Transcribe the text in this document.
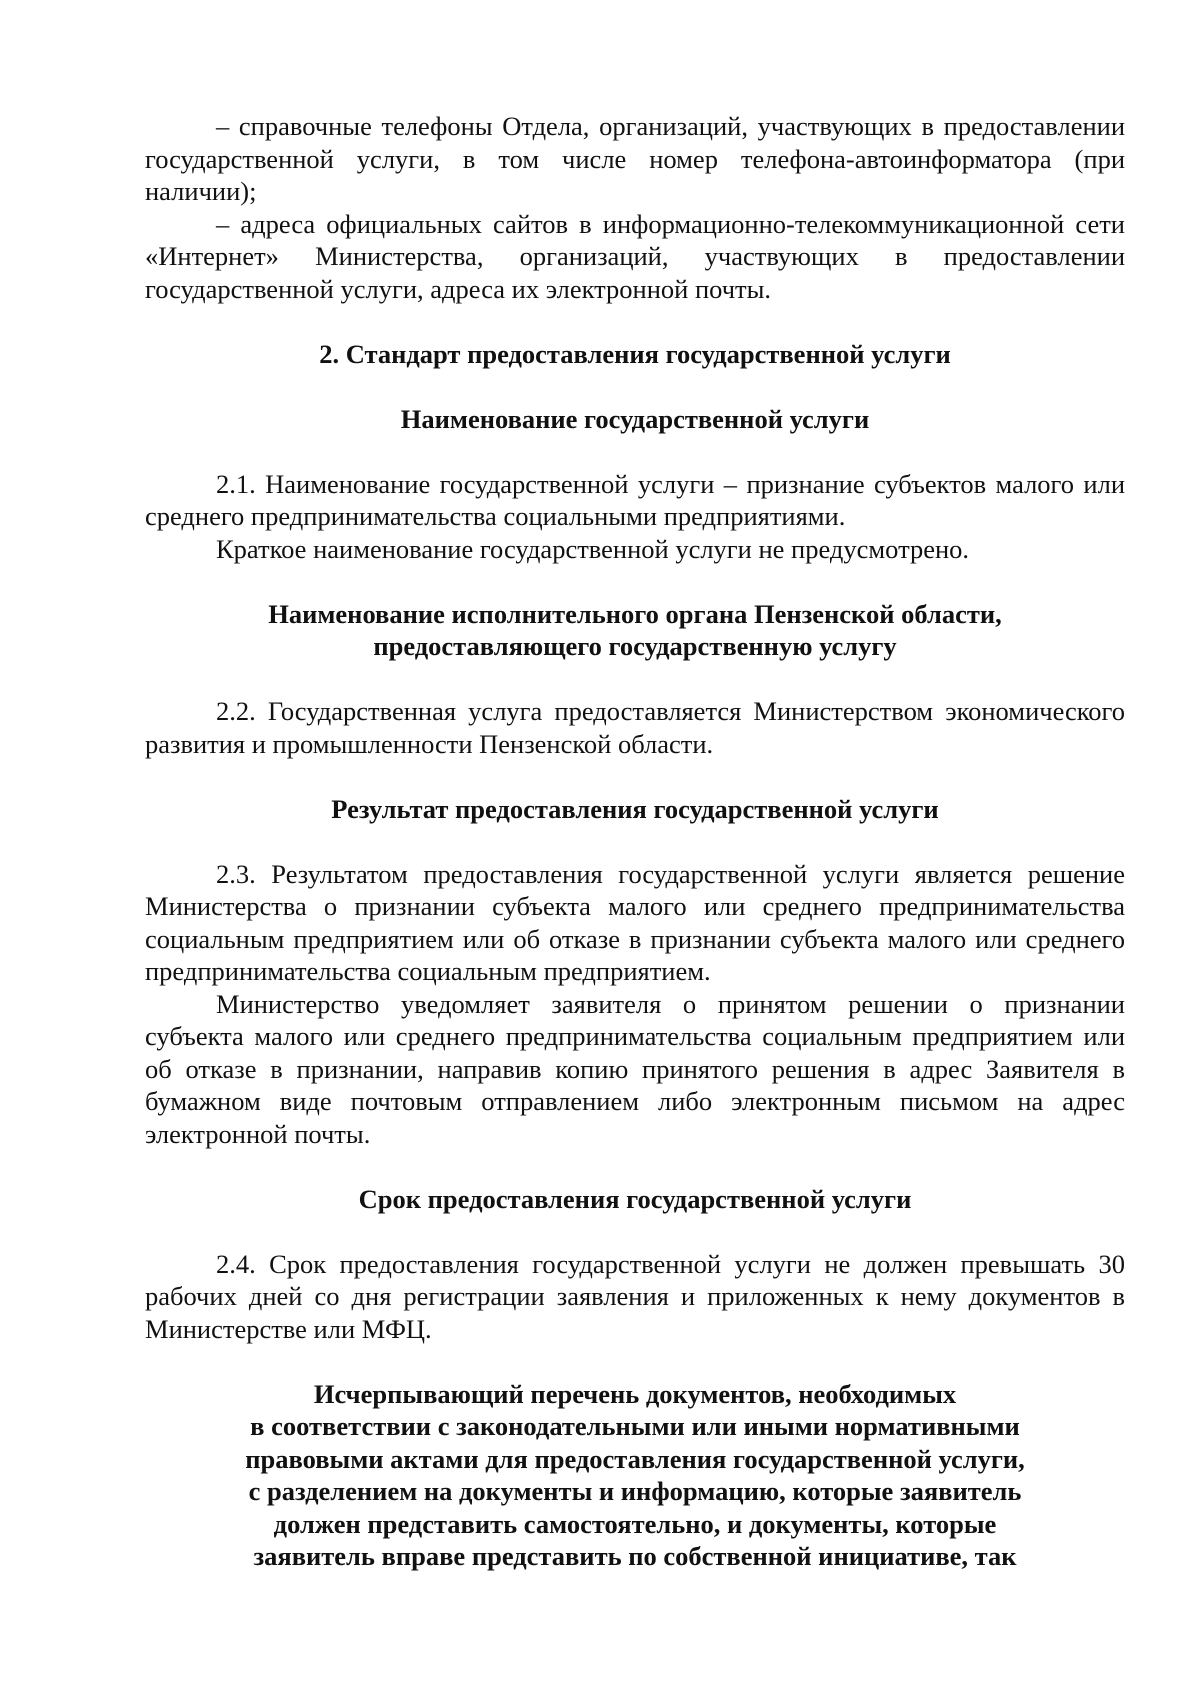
– справочные телефоны Отдела, организаций, участвующих в предоставлении государственной услуги, в том числе номер телефона-автоинформатора (при наличии);

– адреса официальных сайтов в информационно-телекоммуникационной сети «Интернет» Министерства, организаций, участвующих в предоставлении государственной услуги, адреса их электронной почты.

2. Стандарт предоставления государственной услуги

Наименование государственной услуги

2.1. Наименование государственной услуги – признание субъектов малого или среднего предпринимательства социальными предприятиями.

Краткое наименование государственной услуги не предусмотрено.

Наименование исполнительного органа Пензенской области,

предоставляющего государственную услугу

2.2. Государственная услуга предоставляется Министерством экономического развития и промышленности Пензенской области.

Результат предоставления государственной услуги

2.3. Результатом предоставления государственной услуги является решение Министерства о признании субъекта малого или среднего предпринимательства социальным предприятием или об отказе в признании субъекта малого или среднего предпринимательства социальным предприятием.

Министерство уведомляет заявителя о принятом решении о признании субъекта малого или среднего предпринимательства социальным предприятием или об отказе в признании, направив копию принятого решения в адрес Заявителя в бумажном виде почтовым отправлением либо электронным письмом на адрес электронной почты.

Срок предоставления государственной услуги

2.4. Срок предоставления государственной услуги не должен превышать 30 рабочих дней со дня регистрации заявления и приложенных к нему документов в Министерстве или МФЦ.

Исчерпывающий перечень документов, необходимых

в соответствии с законодательными или иными нормативными

правовыми актами для предоставления государственной услуги,

с разделением на документы и информацию, которые заявитель

должен представить самостоятельно, и документы, которые

заявитель вправе представить по собственной инициативе, так
